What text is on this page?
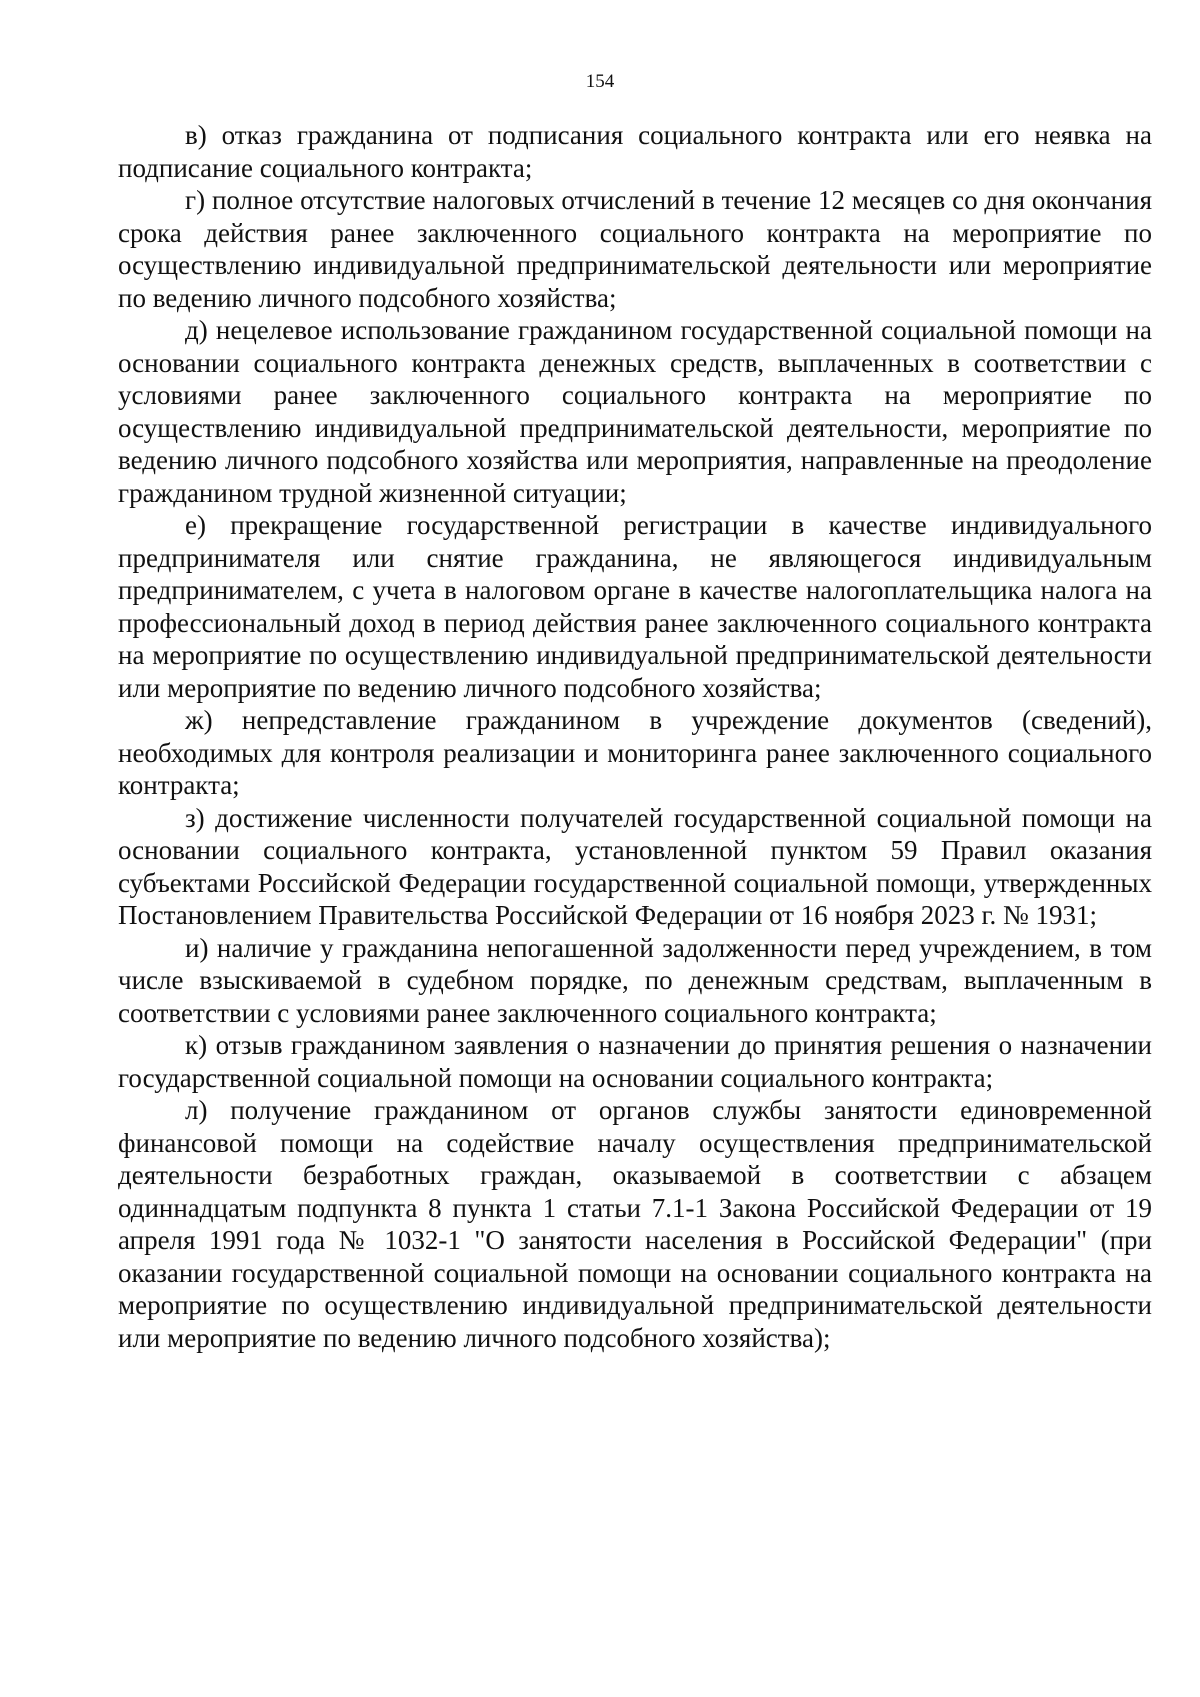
154

в) отказ гражданина от подписания социального контракта или его неявка на подписание социального контракта;

г) полное отсутствие налоговых отчислений в течение 12 месяцев со дня окончания срока действия ранее заключенного социального контракта на мероприятие по осуществлению индивидуальной предпринимательской деятельности или мероприятие по ведению личного подсобного хозяйства;

д) нецелевое использование гражданином государственной социальной помощи на основании социального контракта денежных средств, выплаченных в соответствии с условиями ранее заключенного социального контракта на мероприятие по осуществлению индивидуальной предпринимательской деятельности, мероприятие по ведению личного подсобного хозяйства или мероприятия, направленные на преодоление гражданином трудной жизненной ситуации;

е) прекращение государственной регистрации в качестве индивидуального предпринимателя или снятие гражданина, не являющегося индивидуальным предпринимателем, с учета в налоговом органе в качестве налогоплательщика налога на профессиональный доход в период действия ранее заключенного социального контракта на мероприятие по осуществлению индивидуальной предпринимательской деятельности или мероприятие по ведению личного подсобного хозяйства;

ж) непредставление гражданином в учреждение документов (сведений), необходимых для контроля реализации и мониторинга ранее заключенного социального контракта;

з) достижение численности получателей государственной социальной помощи на основании социального контракта, установленной пунктом 59 Правил оказания субъектами Российской Федерации государственной социальной помощи, утвержденных Постановлением Правительства Российской Федерации от 16 ноября 2023 г. № 1931;

и) наличие у гражданина непогашенной задолженности перед учреждением, в том числе взыскиваемой в судебном порядке, по денежным средствам, выплаченным в соответствии с условиями ранее заключенного социального контракта;

к) отзыв гражданином заявления о назначении до принятия решения о назначении государственной социальной помощи на основании социального контракта;

л) получение гражданином от органов службы занятости единовременной финансовой помощи на содействие началу осуществления предпринимательской деятельности безработных граждан, оказываемой в соответствии с абзацем одиннадцатым подпункта 8 пункта 1 статьи 7.1-1 Закона Российской Федерации от 19 апреля 1991 года № 1032-1 "О занятости населения в Российской Федерации" (при оказании государственной социальной помощи на основании социального контракта на мероприятие по осуществлению индивидуальной предпринимательской деятельности или мероприятие по ведению личного подсобного хозяйства);
